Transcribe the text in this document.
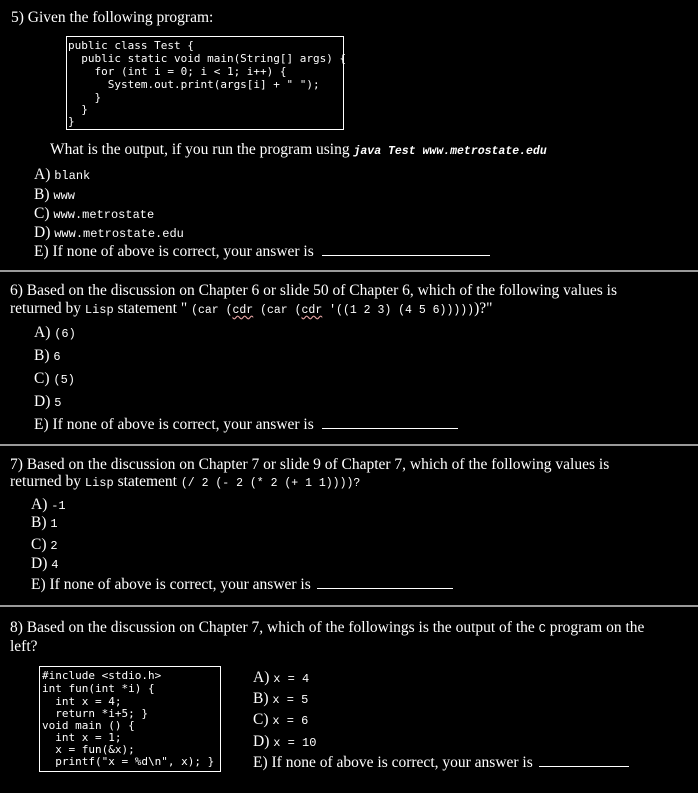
5) Given the following program:
public class Test {
public static void main(String[] args) {
for (int i = 0; i < 1; i++) {
System.out.print(args[i] + " ");
}
}
}
What is the output, if you run the program using java Test www.metrostate.edu
A) blank
B) www
C) www.metrostate
D) www.metrostate.edu
E) If none of above is correct, your answer is
6) Based on the discussion on Chapter 6 or slide 50 of Chapter 6, which of the following values is
returned by Lisp statement " (car (cdr (car (cdr '((1 2 3) (4 5 6))))))?"
A) (6)
B) 6
C) (5)
D) 5
E) If none of above is correct, your answer is
7) Based on the discussion on Chapter 7 or slide 9 of Chapter 7, which of the following values is
returned by Lisp statement (/ 2 (- 2 (* 2 (+ 1 1))))?
A) -1
B) 1
C) 2
D) 4
E) If none of above is correct, your answer is
8) Based on the discussion on Chapter 7, which of the followings is the output of the C program on the
left?
#include <stdio.h>
int fun(int *i) {
int x = 4;
return *i+5; }
void main () {
int x = 1;
x = fun(&x);
printf("x = %d\n", x); }
A) x = 4
B) x = 5
C) x = 6
D) x = 10
E) If none of above is correct, your answer is
